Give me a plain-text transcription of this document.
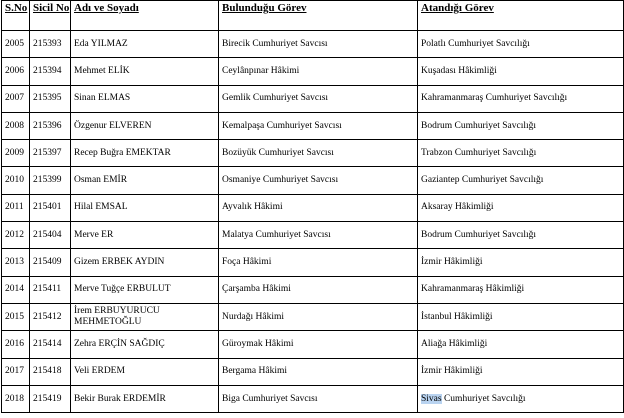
S.No	Sicil No	Adı ve Soyadı	Bulunduğu Görev	Atandığı Görev
2005	215393	Eda YILMAZ	Birecik Cumhuriyet Savcısı	Polatlı Cumhuriyet Savcılığı
2006	215394	Mehmet ELİK	Ceylânpınar Hâkimi	Kuşadası Hâkimliği
2007	215395	Sinan ELMAS	Gemlik Cumhuriyet Savcısı	Kahramanmaraş Cumhuriyet Savcılığı
2008	215396	Özgenur ELVEREN	Kemalpaşa Cumhuriyet Savcısı	Bodrum Cumhuriyet Savcılığı
2009	215397	Recep Buğra EMEKTAR	Bozüyük Cumhuriyet Savcısı	Trabzon Cumhuriyet Savcılığı
2010	215399	Osman EMİR	Osmaniye Cumhuriyet Savcısı	Gaziantep Cumhuriyet Savcılığı
2011	215401	Hilal EMSAL	Ayvalık Hâkimi	Aksaray Hâkimliği
2012	215404	Merve ER	Malatya Cumhuriyet Savcısı	Bodrum Cumhuriyet Savcılığı
2013	215409	Gizem ERBEK AYDIN	Foça Hâkimi	İzmir Hâkimliği
2014	215411	Merve Tuğçe ERBULUT	Çarşamba Hâkimi	Kahramanmaraş Hâkimliği
2015	215412	İrem ERBUYURUCU MEHMETOĞLU	Nurdağı Hâkimi	İstanbul Hâkimliği
2016	215414	Zehra ERÇİN SAĞDIÇ	Güroymak Hâkimi	Aliağa Hâkimliği
2017	215418	Veli ERDEM	Bergama Hâkimi	İzmir Hâkimliği
2018	215419	Bekir Burak ERDEMİR	Biga Cumhuriyet Savcısı	Sivas Cumhuriyet Savcılığı
